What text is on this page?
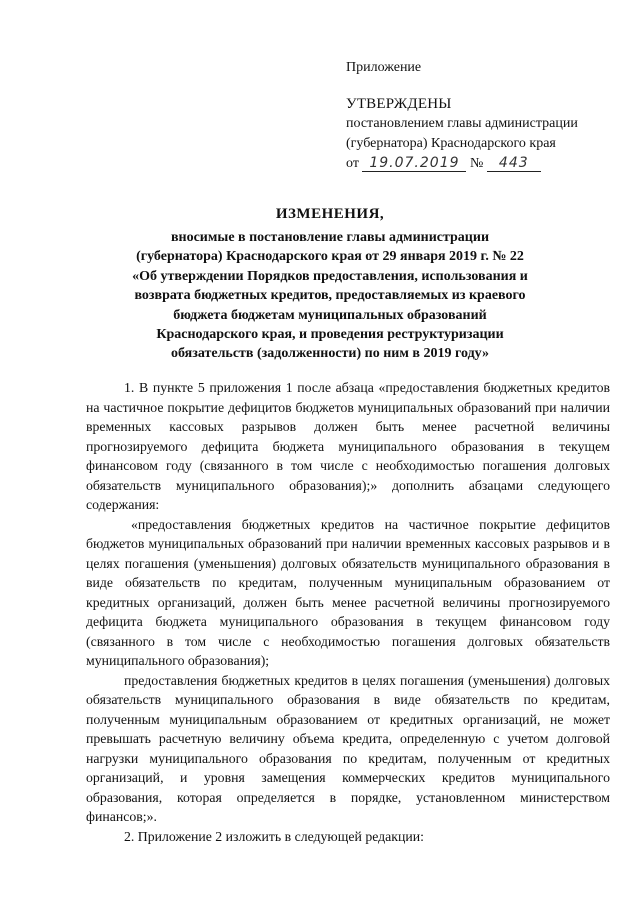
Приложение
УТВЕРЖДЕНЫ
постановлением главы администрации
(губернатора) Краснодарского края
от 19.07.2019 № 443
ИЗМЕНЕНИЯ,
вносимые в постановление главы администрации
(губернатора) Краснодарского края от 29 января 2019 г. № 22
«Об утверждении Порядков предоставления, использования и
возврата бюджетных кредитов, предоставляемых из краевого
бюджета бюджетам муниципальных образований
Краснодарского края, и проведения реструктуризации
обязательств (задолженности) по ним в 2019 году»

1. В пункте 5 приложения 1 после абзаца «предоставления бюджетных кредитов на частичное покрытие дефицитов бюджетов муниципальных образований при наличии временных кассовых разрывов должен быть менее расчетной величины прогнозируемого дефицита бюджета муниципального образования в текущем финансовом году (связанного в том числе с необходимостью погашения долговых обязательств муниципального образования);» дополнить абзацами следующего содержания:

«предоставления бюджетных кредитов на частичное покрытие дефицитов бюджетов муниципальных образований при наличии временных кассовых разрывов и в целях погашения (уменьшения) долговых обязательств муниципального образования в виде обязательств по кредитам, полученным муниципальным образованием от кредитных организаций, должен быть менее расчетной величины прогнозируемого дефицита бюджета муниципального образования в текущем финансовом году (связанного в том числе с необходимостью погашения долговых обязательств муниципального образования);

предоставления бюджетных кредитов в целях погашения (уменьшения) долговых обязательств муниципального образования в виде обязательств по кредитам, полученным муниципальным образованием от кредитных организаций, не может превышать расчетную величину объема кредита, определенную с учетом долговой нагрузки муниципального образования по кредитам, полученным от кредитных организаций, и уровня замещения коммерческих кредитов муниципального образования, которая определяется в порядке, установленном министерством финансов;».

2. Приложение 2 изложить в следующей редакции:
